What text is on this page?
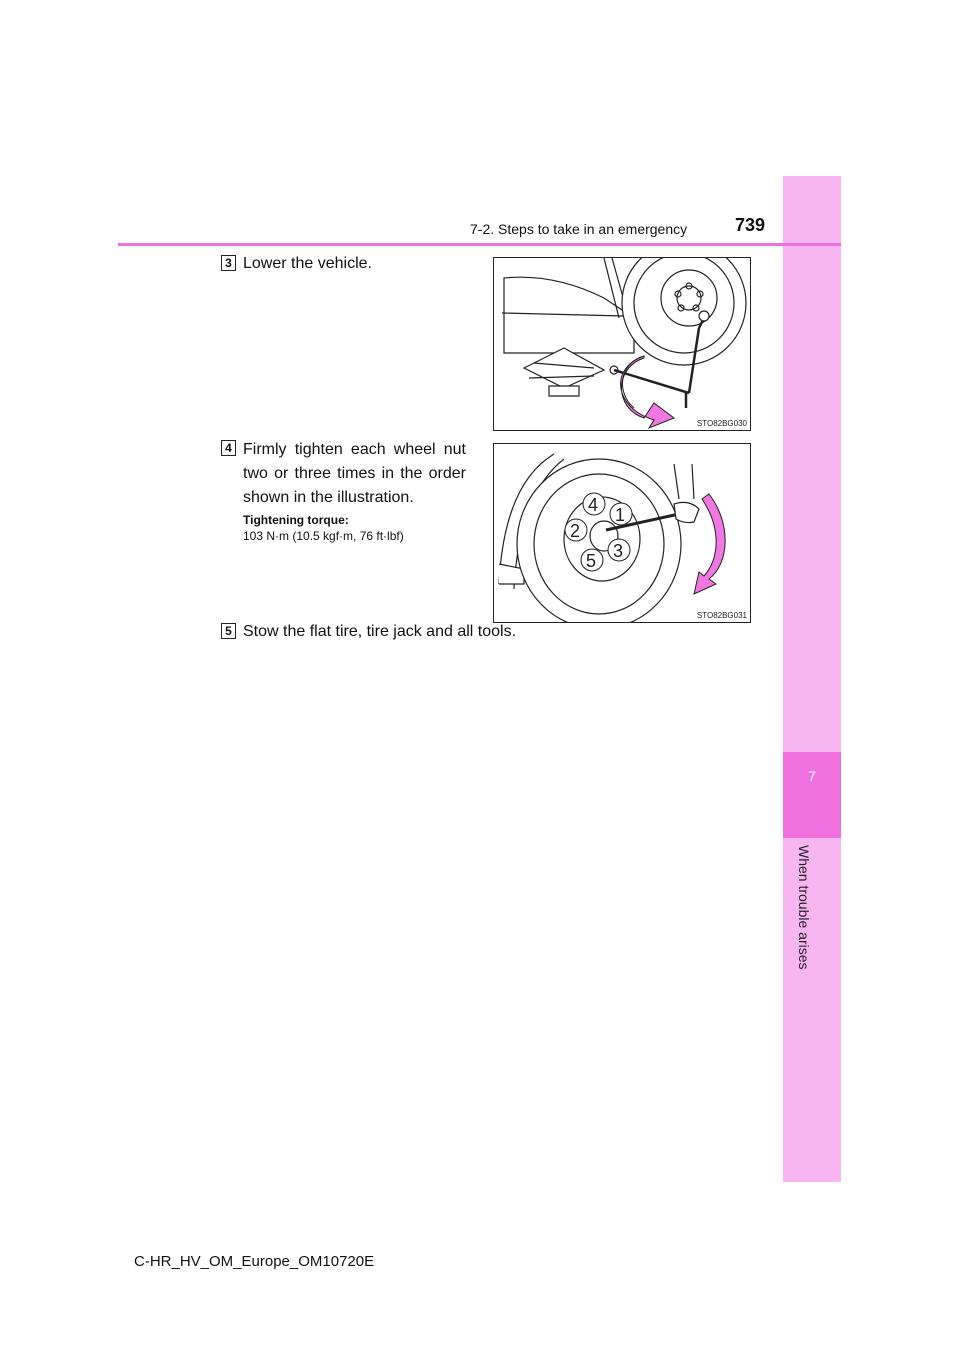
7
When trouble arises
7-2. Steps to take in an emergency	739
3 Lower the vehicle.
STO82BG030
4 Firmly tighten each wheel nut two or three times in the order shown in the illustration.
Tightening torque:
103 N·m (10.5 kgf·m, 76 ft·lbf)
1
2
3
4
5
STO82BG031
5 Stow the flat tire, tire jack and all tools.
C-HR_HV_OM_Europe_OM10720E
